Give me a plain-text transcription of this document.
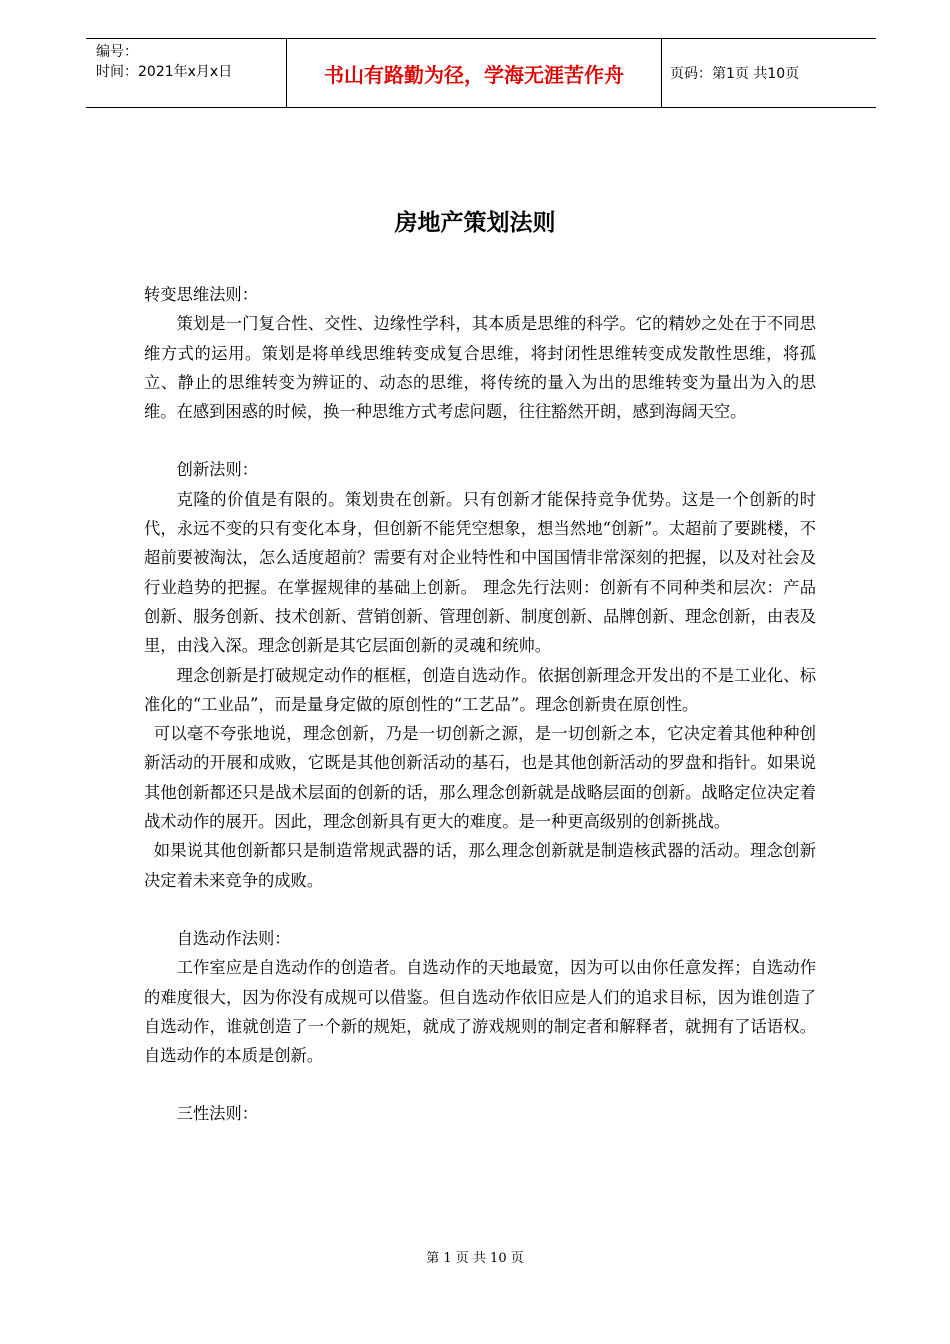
编号：
时间：2021年x月x日	书山有路勤为径，学海无涯苦作舟	页码：第1页 共10页
房地产策划法则

转变思维法则：

策划是一门复合性、交性、边缘性学科，其本质是思维的科学。它的精妙之处在于不同思维方式的运用。策划是将单线思维转变成复合思维，将封闭性思维转变成发散性思维，将孤立、静止的思维转变为辨证的、动态的思维，将传统的量入为出的思维转变为量出为入的思维。在感到困惑的时候，换一种思维方式考虑问题，往往豁然开朗，感到海阔天空。

创新法则：

克隆的价值是有限的。策划贵在创新。只有创新才能保持竞争优势。这是一个创新的时代，永远不变的只有变化本身，但创新不能凭空想象，想当然地“创新”。太超前了要跳楼，不超前要被淘汰，怎么适度超前？需要有对企业特性和中国国情非常深刻的把握，以及对社会及行业趋势的把握。在掌握规律的基础上创新。 理念先行法则：创新有不同种类和层次：产品创新、服务创新、技术创新、营销创新、管理创新、制度创新、品牌创新、理念创新，由表及里，由浅入深。理念创新是其它层面创新的灵魂和统帅。

理念创新是打破规定动作的框框，创造自选动作。依据创新理念开发出的不是工业化、标准化的“工业品”，而是量身定做的原创性的“工艺品”。理念创新贵在原创性。

可以毫不夸张地说，理念创新，乃是一切创新之源，是一切创新之本，它决定着其他种种创新活动的开展和成败，它既是其他创新活动的基石，也是其他创新活动的罗盘和指针。如果说其他创新都还只是战术层面的创新的话，那么理念创新就是战略层面的创新。战略定位决定着战术动作的展开。因此，理念创新具有更大的难度。是一种更高级别的创新挑战。

如果说其他创新都只是制造常规武器的话，那么理念创新就是制造核武器的活动。理念创新决定着未来竞争的成败。

自选动作法则：

工作室应是自选动作的创造者。自选动作的天地最宽，因为可以由你任意发挥；自选动作的难度很大，因为你没有成规可以借鉴。但自选动作依旧应是人们的追求目标，因为谁创造了自选动作，谁就创造了一个新的规矩，就成了游戏规则的制定者和解释者，就拥有了话语权。自选动作的本质是创新。

三性法则：

第 1 页 共 10 页
